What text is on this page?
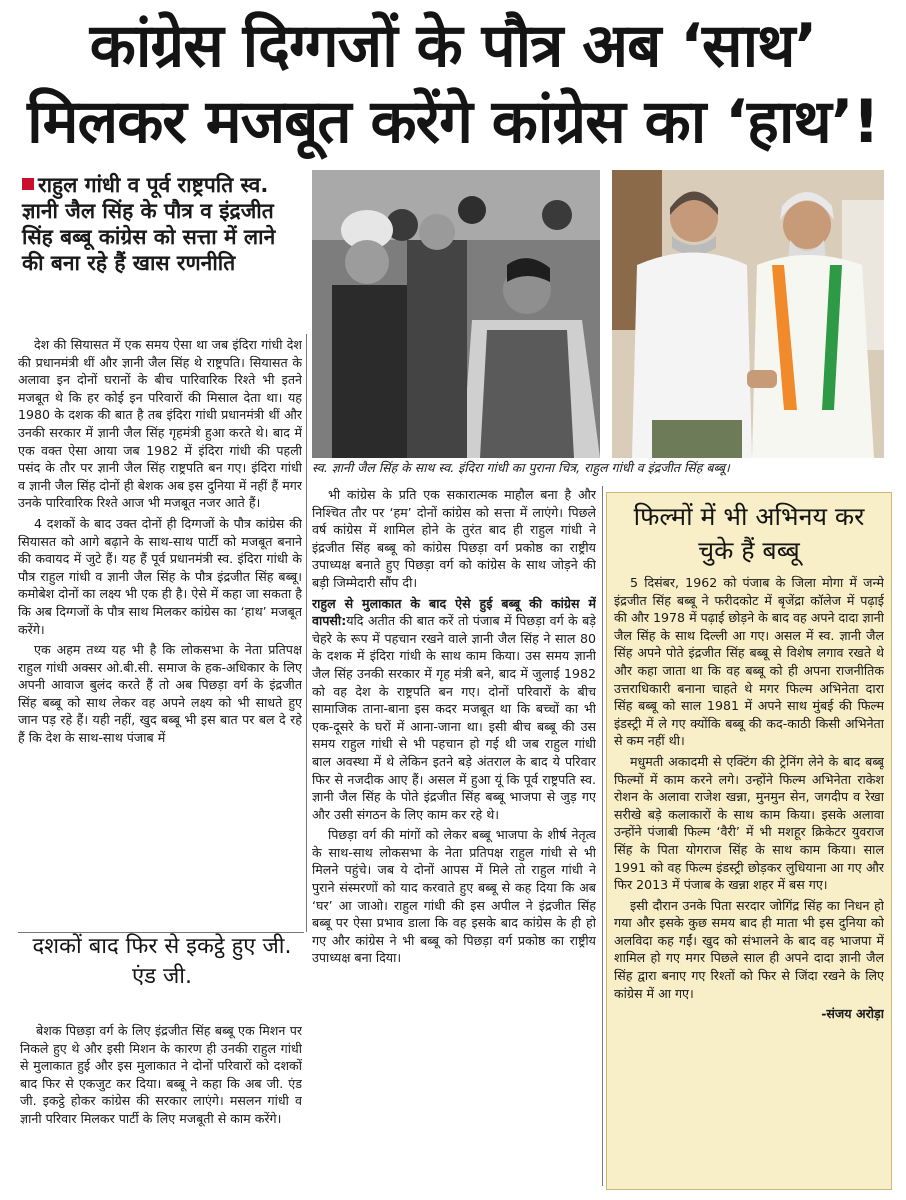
कांग्रेस दिग्गजों के पौत्र अब ‘साथ’
मिलकर मजबूत करेंगे कांग्रेस का ‘हाथ’!
राहुल गांधी व पूर्व राष्ट्रपति स्व. ज्ञानी जैल सिंह के पौत्र व इंद्रजीत सिंह बब्बू कांग्रेस को सत्ता में लाने की बना रहे हैं खास रणनीति
स्व. ज्ञानी जैल सिंह के साथ स्व. इंदिरा गांधी का पुराना चित्र, राहुल गांधी व इंद्रजीत सिंह बब्बू।

देश की सियासत में एक समय ऐसा था जब इंदिरा गांधी देश की प्रधानमंत्री थीं और ज्ञानी जैल सिंह थे राष्ट्रपति। सियासत के अलावा इन दोनों घरानों के बीच पारिवारिक रिश्ते भी इतने मजबूत थे कि हर कोई इन परिवारों की मिसाल देता था। यह 1980 के दशक की बात है तब इंदिरा गांधी प्रधानमंत्री थीं और उनकी सरकार में ज्ञानी जैल सिंह गृहमंत्री हुआ करते थे। बाद में एक वक्त ऐसा आया जब 1982 में इंदिरा गांधी की पहली पसंद के तौर पर ज्ञानी जैल सिंह राष्ट्रपति बन गए। इंदिरा गांधी व ज्ञानी जैल सिंह दोनों ही बेशक अब इस दुनिया में नहीं हैं मगर उनके पारिवारिक रिश्ते आज भी मजबूत नजर आते हैं।

4 दशकों के बाद उक्त दोनों ही दिग्गजों के पौत्र कांग्रेस की सियासत को आगे बढ़ाने के साथ-साथ पार्टी को मजबूत बनाने की कवायद में जुटे हैं। यह हैं पूर्व प्रधानमंत्री स्व. इंदिरा गांधी के पौत्र राहुल गांधी व ज्ञानी जैल सिंह के पौत्र इंद्रजीत सिंह बब्बू। कमोबेश दोनों का लक्ष्य भी एक ही है। ऐसे में कहा जा सकता है कि अब दिग्गजों के पौत्र साथ मिलकर कांग्रेस का ‘हाथ’ मजबूत करेंगे।

एक अहम तथ्य यह भी है कि लोकसभा के नेता प्रतिपक्ष राहुल गांधी अक्सर ओ.बी.सी. समाज के हक-अधिकार के लिए अपनी आवाज बुलंद करते हैं तो अब पिछड़ा वर्ग के इंद्रजीत सिंह बब्बू को साथ लेकर वह अपने लक्ष्य को भी साधते हुए जान पड़ रहे हैं। यही नहीं, खुद बब्बू भी इस बात पर बल दे रहे हैं कि देश के साथ-साथ पंजाब में

दशकों बाद फिर से इकट्ठे हुए जी. एंड जी.

बेशक पिछड़ा वर्ग के लिए इंद्रजीत सिंह बब्बू एक मिशन पर निकले हुए थे और इसी मिशन के कारण ही उनकी राहुल गांधी से मुलाकात हुई और इस मुलाकात ने दोनों परिवारों को दशकों बाद फिर से एकजुट कर दिया। बब्बू ने कहा कि अब जी. एंड जी. इकट्ठे होकर कांग्रेस की सरकार लाएंगे। मसलन गांधी व ज्ञानी परिवार मिलकर पार्टी के लिए मजबूती से काम करेंगे।

भी कांग्रेस के प्रति एक सकारात्मक माहौल बना है और निश्चित तौर पर ‘हम’ दोनों कांग्रेस को सत्ता में लाएंगे। पिछले वर्ष कांग्रेस में शामिल होने के तुरंत बाद ही राहुल गांधी ने इंद्रजीत सिंह बब्बू को कांग्रेस पिछड़ा वर्ग प्रकोष्ठ का राष्ट्रीय उपाध्यक्ष बनाते हुए पिछड़ा वर्ग को कांग्रेस के साथ जोड़ने की बड़ी जिम्मेदारी सौंप दी।

राहुल से मुलाकात के बाद ऐसे हुई बब्बू की कांग्रेस में वापसी:यदि अतीत की बात करें तो पंजाब में पिछड़ा वर्ग के बड़े चेहरे के रूप में पहचान रखने वाले ज्ञानी जैल सिंह ने साल 80 के दशक में इंदिरा गांधी के साथ काम किया। उस समय ज्ञानी जैल सिंह उनकी सरकार में गृह मंत्री बने, बाद में जुलाई 1982 को वह देश के राष्ट्रपति बन गए। दोनों परिवारों के बीच सामाजिक ताना-बाना इस कदर मजबूत था कि बच्चों का भी एक-दूसरे के घरों में आना-जाना था। इसी बीच बब्बू की उस समय राहुल गांधी से भी पहचान हो गई थी जब राहुल गांधी बाल अवस्था में थे लेकिन इतने बड़े अंतराल के बाद ये परिवार फिर से नजदीक आए हैं। असल में हुआ यूं कि पूर्व राष्ट्रपति स्व. ज्ञानी जैल सिंह के पोते इंद्रजीत सिंह बब्बू भाजपा से जुड़ गए और उसी संगठन के लिए काम कर रहे थे।

पिछड़ा वर्ग की मांगों को लेकर बब्बू भाजपा के शीर्ष नेतृत्व के साथ-साथ लोकसभा के नेता प्रतिपक्ष राहुल गांधी से भी मिलने पहुंचे। जब ये दोनों आपस में मिले तो राहुल गांधी ने पुराने संस्मरणों को याद करवाते हुए बब्बू से कह दिया कि अब ‘घर’ आ जाओ। राहुल गांधी की इस अपील ने इंद्रजीत सिंह बब्बू पर ऐसा प्रभाव डाला कि वह इसके बाद कांग्रेस के ही हो गए और कांग्रेस ने भी बब्बू को पिछड़ा वर्ग प्रकोष्ठ का राष्ट्रीय उपाध्यक्ष बना दिया।

फिल्मों में भी अभिनय कर चुके हैं बब्बू

5 दिसंबर, 1962 को पंजाब के जिला मोगा में जन्मे इंद्रजीत सिंह बब्बू ने फरीदकोट में बृजेंद्रा कॉलेज में पढ़ाई की और 1978 में पढ़ाई छोड़ने के बाद वह अपने दादा ज्ञानी जैल सिंह के साथ दिल्ली आ गए। असल में स्व. ज्ञानी जैल सिंह अपने पोते इंद्रजीत सिंह बब्बू से विशेष लगाव रखते थे और कहा जाता था कि वह बब्बू को ही अपना राजनीतिक उत्तराधिकारी बनाना चाहते थे मगर फिल्म अभिनेता दारा सिंह बब्बू को साल 1981 में अपने साथ मुंबई की फिल्म इंडस्ट्री में ले गए क्योंकि बब्बू की कद-काठी किसी अभिनेता से कम नहीं थी।

मधुमती अकादमी से एक्टिंग की ट्रेनिंग लेने के बाद बब्बू फिल्मों में काम करने लगे। उन्होंने फिल्म अभिनेता राकेश रोशन के अलावा राजेश खन्ना, मुनमुन सेन, जगदीप व रेखा सरीखे बड़े कलाकारों के साथ काम किया। इसके अलावा उन्होंने पंजाबी फिल्म ‘वैरी’ में भी मशहूर क्रिकेटर युवराज सिंह के पिता योगराज सिंह के साथ काम किया। साल 1991 को वह फिल्म इंडस्ट्री छोड़कर लुधियाना आ गए और फिर 2013 में पंजाब के खन्ना शहर में बस गए।

इसी दौरान उनके पिता सरदार जोगिंद्र सिंह का निधन हो गया और इसके कुछ समय बाद ही माता भी इस दुनिया को अलविदा कह गईं। खुद को संभालने के बाद वह भाजपा में शामिल हो गए मगर पिछले साल ही अपने दादा ज्ञानी जैल सिंह द्वारा बनाए गए रिश्तों को फिर से जिंदा रखने के लिए कांग्रेस में आ गए।

-संजय अरोड़ा
